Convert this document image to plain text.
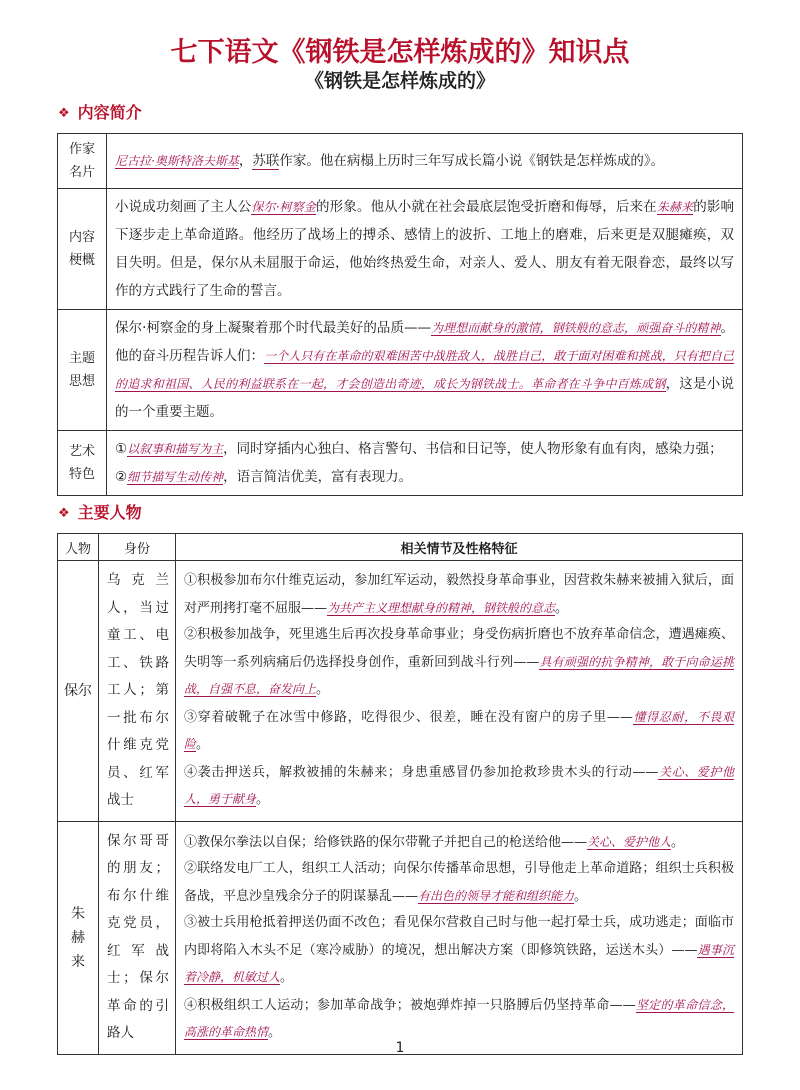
七下语文《钢铁是怎样炼成的》知识点
《钢铁是怎样炼成的》
❖ 内容简介
作家
名片	尼古拉·奥斯特洛夫斯基，苏联作家。他在病榻上历时三年写成长篇小说《钢铁是怎样炼成的》。
内容
梗概	小说成功刻画了主人公保尔·柯察金的形象。他从小就在社会最底层饱受折磨和侮辱，后来在朱赫来的影响下逐步走上革命道路。他经历了战场上的搏杀、感情上的波折、工地上的磨难，后来更是双腿瘫痪，双目失明。但是，保尔从未屈服于命运，他始终热爱生命，对亲人、爱人、朋友有着无限眷恋，最终以写作的方式践行了生命的誓言。
主题
思想	保尔·柯察金的身上凝聚着那个时代最美好的品质——为理想而献身的激情，钢铁般的意志，顽强奋斗的精神。他的奋斗历程告诉人们：一个人只有在革命的艰难困苦中战胜敌人，战胜自己，敢于面对困难和挑战，只有把自己的追求和祖国、人民的利益联系在一起，才会创造出奇迹，成长为钢铁战士。革命者在斗争中百炼成钢，这是小说的一个重要主题。
艺术
特色	①以叙事和描写为主，同时穿插内心独白、格言警句、书信和日记等，使人物形象有血有肉，感染力强；
②细节描写生动传神，语言简洁优美，富有表现力。
❖ 主要人物
人物	身份	相关情节及性格特征
保尔	乌克兰人，当过童工、电工、铁路工人；第一批布尔什维克党员、红军战士	①积极参加布尔什维克运动，参加红军运动，毅然投身革命事业，因营救朱赫来被捕入狱后，面对严刑拷打毫不屈服——为共产主义理想献身的精神，钢铁般的意志。
②积极参加战争，死里逃生后再次投身革命事业；身受伤病折磨也不放弃革命信念，遭遇瘫痪、失明等一系列病痛后仍选择投身创作，重新回到战斗行列——具有顽强的抗争精神，敢于向命运挑战，自强不息，奋发向上。
③穿着破靴子在冰雪中修路，吃得很少、很差，睡在没有窗户的房子里——懂得忍耐，不畏艰险。
④袭击押送兵，解救被捕的朱赫来；身患重感冒仍参加抢救珍贵木头的行动——关心、爱护他人，勇于献身。

朱赫来	保尔哥哥的朋友；布尔什维克党员，红军战士；保尔革命的引路人	①教保尔拳法以自保；给修铁路的保尔带靴子并把自己的枪送给他——关心、爱护他人。
②联络发电厂工人，组织工人活动；向保尔传播革命思想，引导他走上革命道路；组织士兵积极备战，平息沙皇残余分子的阴谋暴乱——有出色的领导才能和组织能力。
③被士兵用枪抵着押送仍面不改色；看见保尔营救自己时与他一起打晕士兵，成功逃走；面临市内即将陷入木头不足（寒冷威胁）的境况，想出解决方案（即修筑铁路，运送木头）——遇事沉着冷静，机敏过人。
④积极组织工人运动；参加革命战争；被炮弹炸掉一只胳膊后仍坚持革命——坚定的革命信念，高涨的革命热情。
1
